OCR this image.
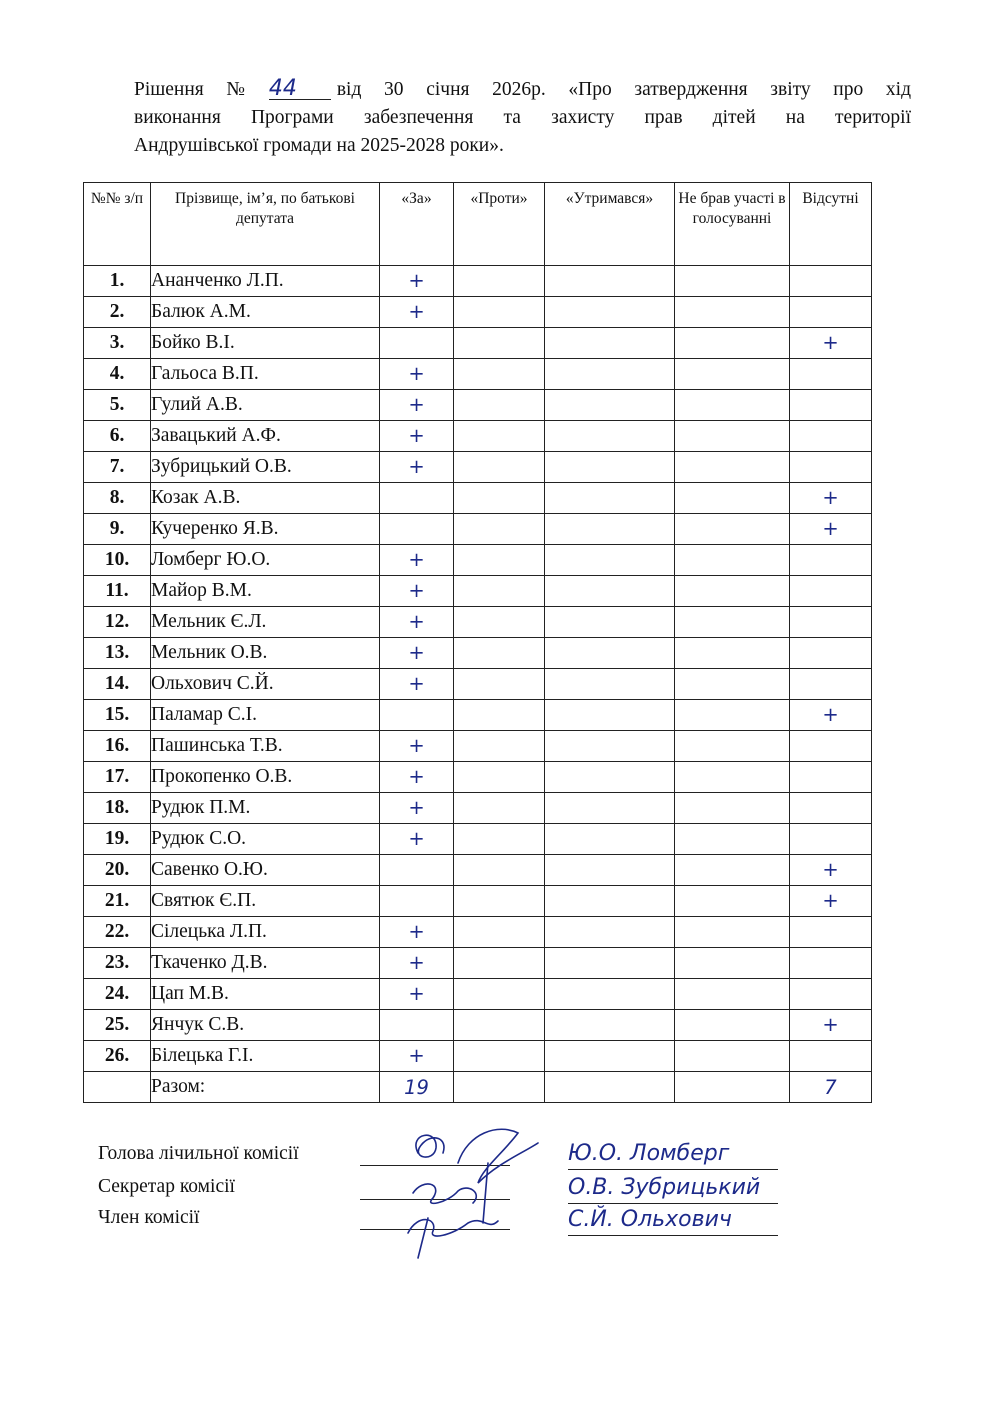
Рішення № 44 від 30 січня 2026р. «Про затвердження звіту про хід
виконання Програми забезпечення та захисту прав дітей на території
Андрушівської громади на 2025-2028 роки».
№№ з/п	Прізвище, ім’я, по батькові депутата	«За»	«Проти»	«Утримався»	Не брав участі в голосуванні	Відсутні
1.	Ананченко Л.П.	+				
2.	Балюк А.М.	+				
3.	Бойко В.І.					+
4.	Гальоса В.П.	+				
5.	Гулий А.В.	+				
6.	Завацький А.Ф.	+				
7.	Зубрицький О.В.	+				
8.	Козак А.В.					+
9.	Кучеренко Я.В.					+
10.	Ломберг Ю.О.	+				
11.	Майор В.М.	+				
12.	Мельник Є.Л.	+				
13.	Мельник О.В.	+				
14.	Ольхович С.Й.	+				
15.	Паламар С.І.					+
16.	Пашинська Т.В.	+				
17.	Прокопенко О.В.	+				
18.	Рудюк П.М.	+				
19.	Рудюк С.О.	+				
20.	Савенко О.Ю.					+
21.	Святюк Є.П.					+
22.	Сілецька Л.П.	+				
23.	Ткаченко Д.В.	+				
24.	Цап М.В.	+				
25.	Янчук С.В.					+
26.	Білецька Г.І.	+				
	Разом:	19				7
Голова лічильної комісії
Секретар комісії
Член комісії
Ю.О. Ломберг
О.В. Зубрицький
С.Й. Ольхович
